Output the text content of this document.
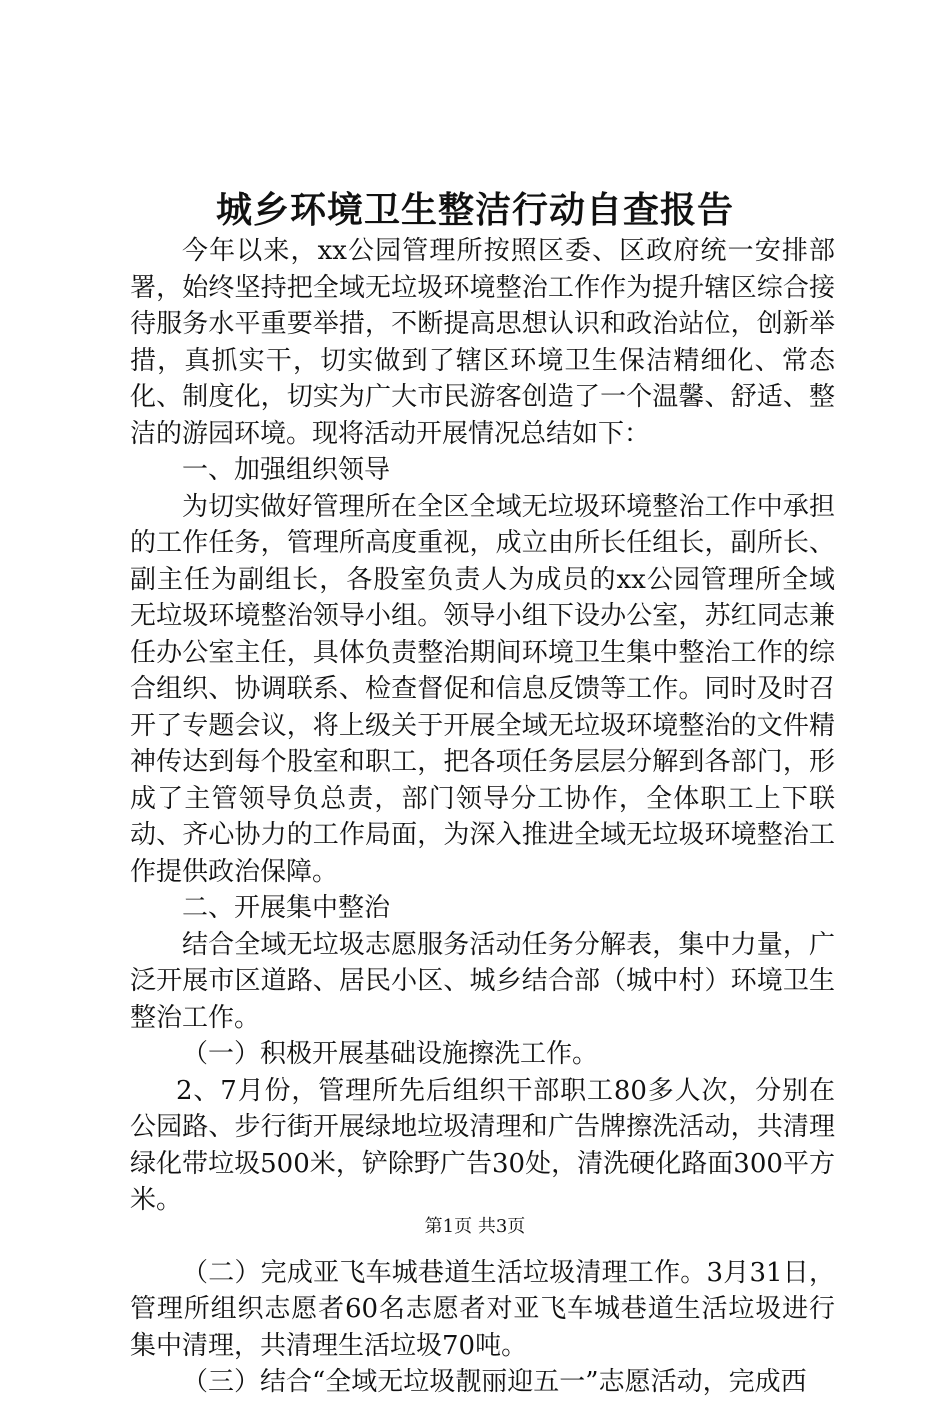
城乡环境卫生整洁行动自查报告

今年以来，xx公园管理所按照区委、区政府统一安排部署，始终坚持把全域无垃圾环境整治工作作为提升辖区综合接待服务水平重要举措，不断提高思想认识和政治站位，创新举措，真抓实干，切实做到了辖区环境卫生保洁精细化、常态化、制度化，切实为广大市民游客创造了一个温馨、舒适、整洁的游园环境。现将活动开展情况总结如下：

一、加强组织领导

为切实做好管理所在全区全域无垃圾环境整治工作中承担的工作任务，管理所高度重视，成立由所长任组长，副所长、副主任为副组长，各股室负责人为成员的xx公园管理所全域无垃圾环境整治领导小组。领导小组下设办公室，苏红同志兼任办公室主任，具体负责整治期间环境卫生集中整治工作的综合组织、协调联系、检查督促和信息反馈等工作。同时及时召开了专题会议，将上级关于开展全域无垃圾环境整治的文件精神传达到每个股室和职工，把各项任务层层分解到各部门，形成了主管领导负总责，部门领导分工协作，全体职工上下联动、齐心协力的工作局面，为深入推进全域无垃圾环境整治工作提供政治保障。

二、开展集中整治

结合全域无垃圾志愿服务活动任务分解表，集中力量，广泛开展市区道路、居民小区、城乡结合部（城中村）环境卫生整治工作。

（一）积极开展基础设施擦洗工作。

2、7月份，管理所先后组织干部职工80多人次，分别在公园路、步行街开展绿地垃圾清理和广告牌擦洗活动，共清理绿化带垃圾500米，铲除野广告30处，清洗硬化路面300平方米。

（二）完成亚飞车城巷道生活垃圾清理工作。3月31日，管理所组织志愿者60名志愿者对亚飞车城巷道生活垃圾进行集中清理，共清理生活垃圾70吨。

（三）结合“全域无垃圾靓丽迎五一”志愿活动，完成西

第1页 共3页
